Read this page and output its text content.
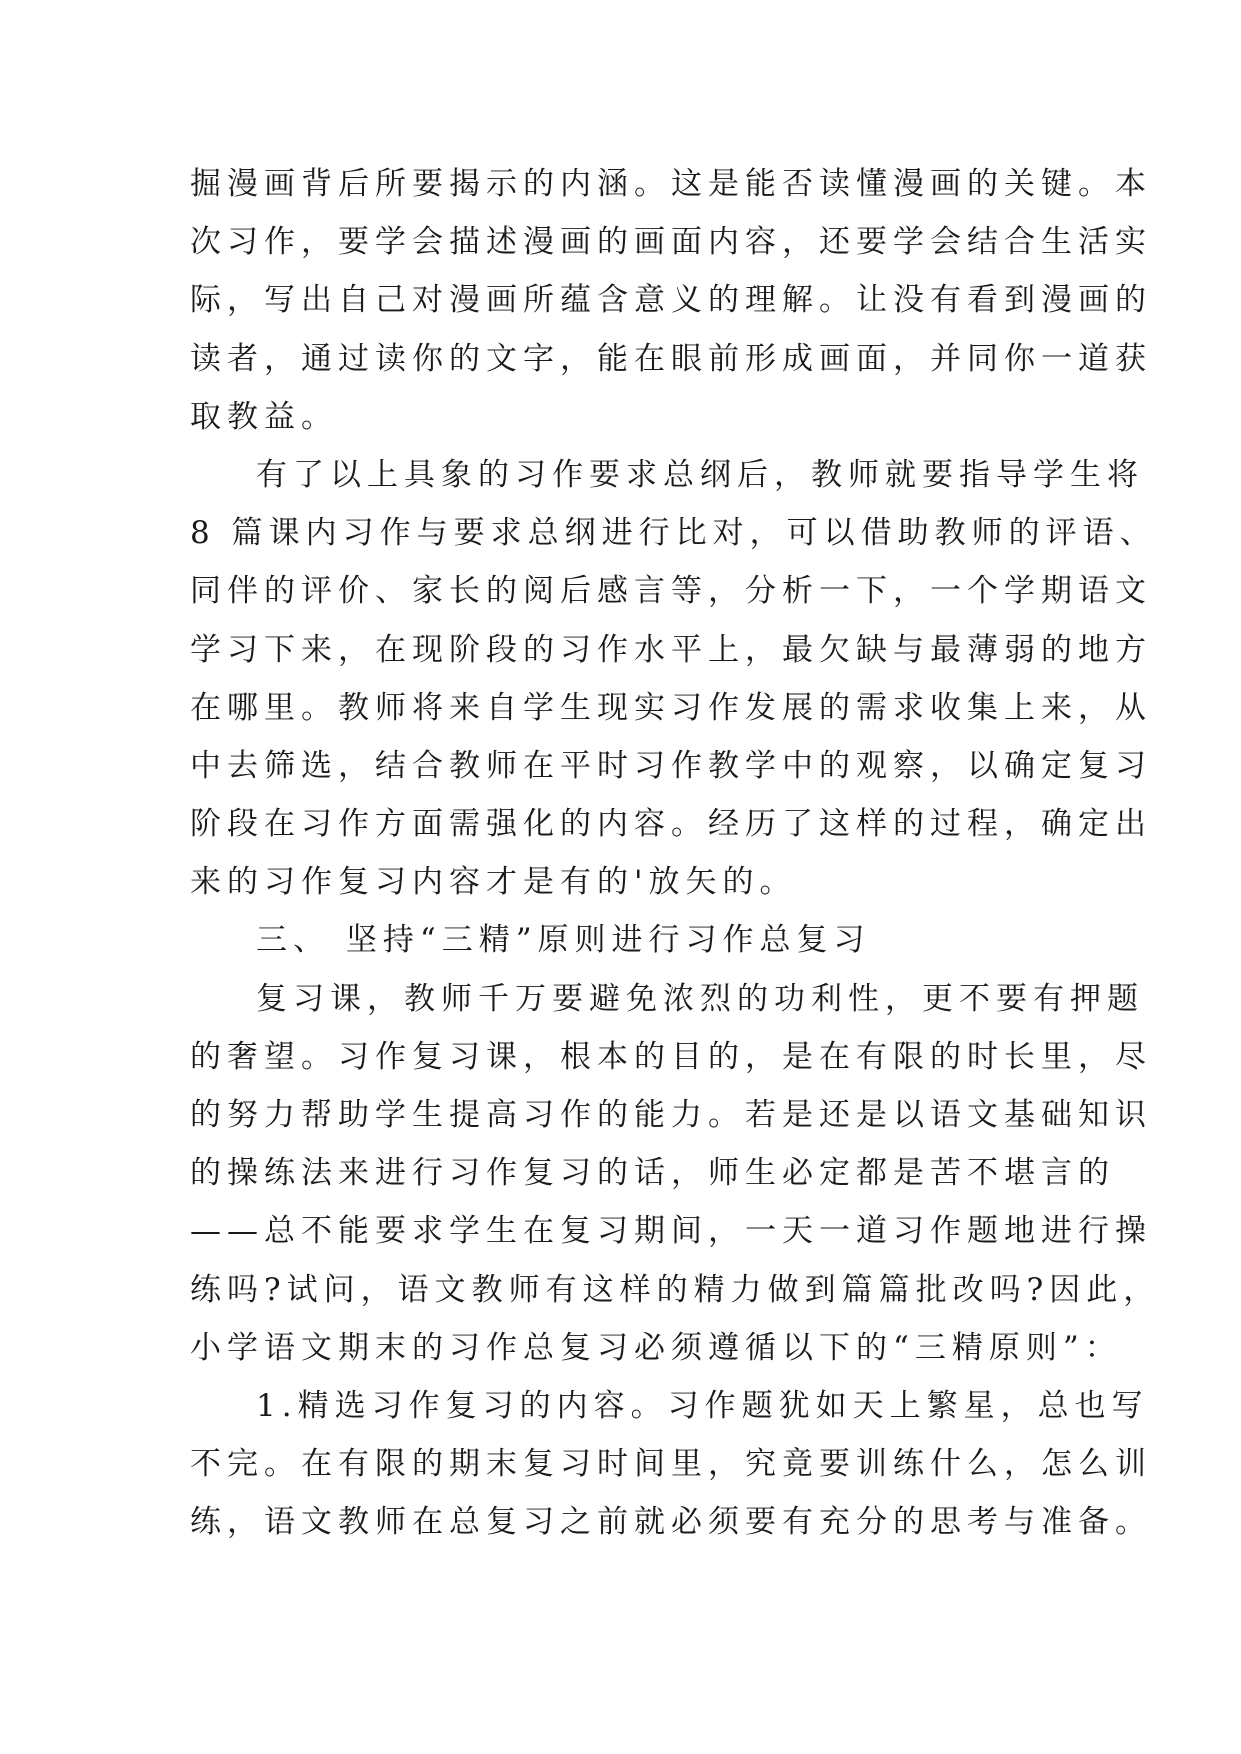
掘漫画背后所要揭示的内涵。这是能否读懂漫画的关键。本
次习作，要学会描述漫画的画面内容，还要学会结合生活实
际，写出自己对漫画所蕴含意义的理解。让没有看到漫画的
读者，通过读你的文字，能在眼前形成画面，并同你一道获
取教益。
有了以上具象的习作要求总纲后，教师就要指导学生将
8 篇课内习作与要求总纲进行比对，可以借助教师的评语、
同伴的评价、家长的阅后感言等，分析一下，一个学期语文
学习下来，在现阶段的习作水平上，最欠缺与最薄弱的地方
在哪里。教师将来自学生现实习作发展的需求收集上来，从
中去筛选，结合教师在平时习作教学中的观察，以确定复习
阶段在习作方面需强化的内容。经历了这样的过程，确定出
来的习作复习内容才是有的'放矢的。
三、 坚持“三精”原则进行习作总复习
复习课，教师千万要避免浓烈的功利性，更不要有押题
的奢望。习作复习课，根本的目的，是在有限的时长里，尽
的努力帮助学生提高习作的能力。若是还是以语文基础知识
的操练法来进行习作复习的话，师生必定都是苦不堪言的
——总不能要求学生在复习期间，一天一道习作题地进行操
练吗?试问，语文教师有这样的精力做到篇篇批改吗?因此，
小学语文期末的习作总复习必须遵循以下的“三精原则”：
1.精选习作复习的内容。习作题犹如天上繁星，总也写
不完。在有限的期末复习时间里，究竟要训练什么，怎么训
练，语文教师在总复习之前就必须要有充分的思考与准备。
